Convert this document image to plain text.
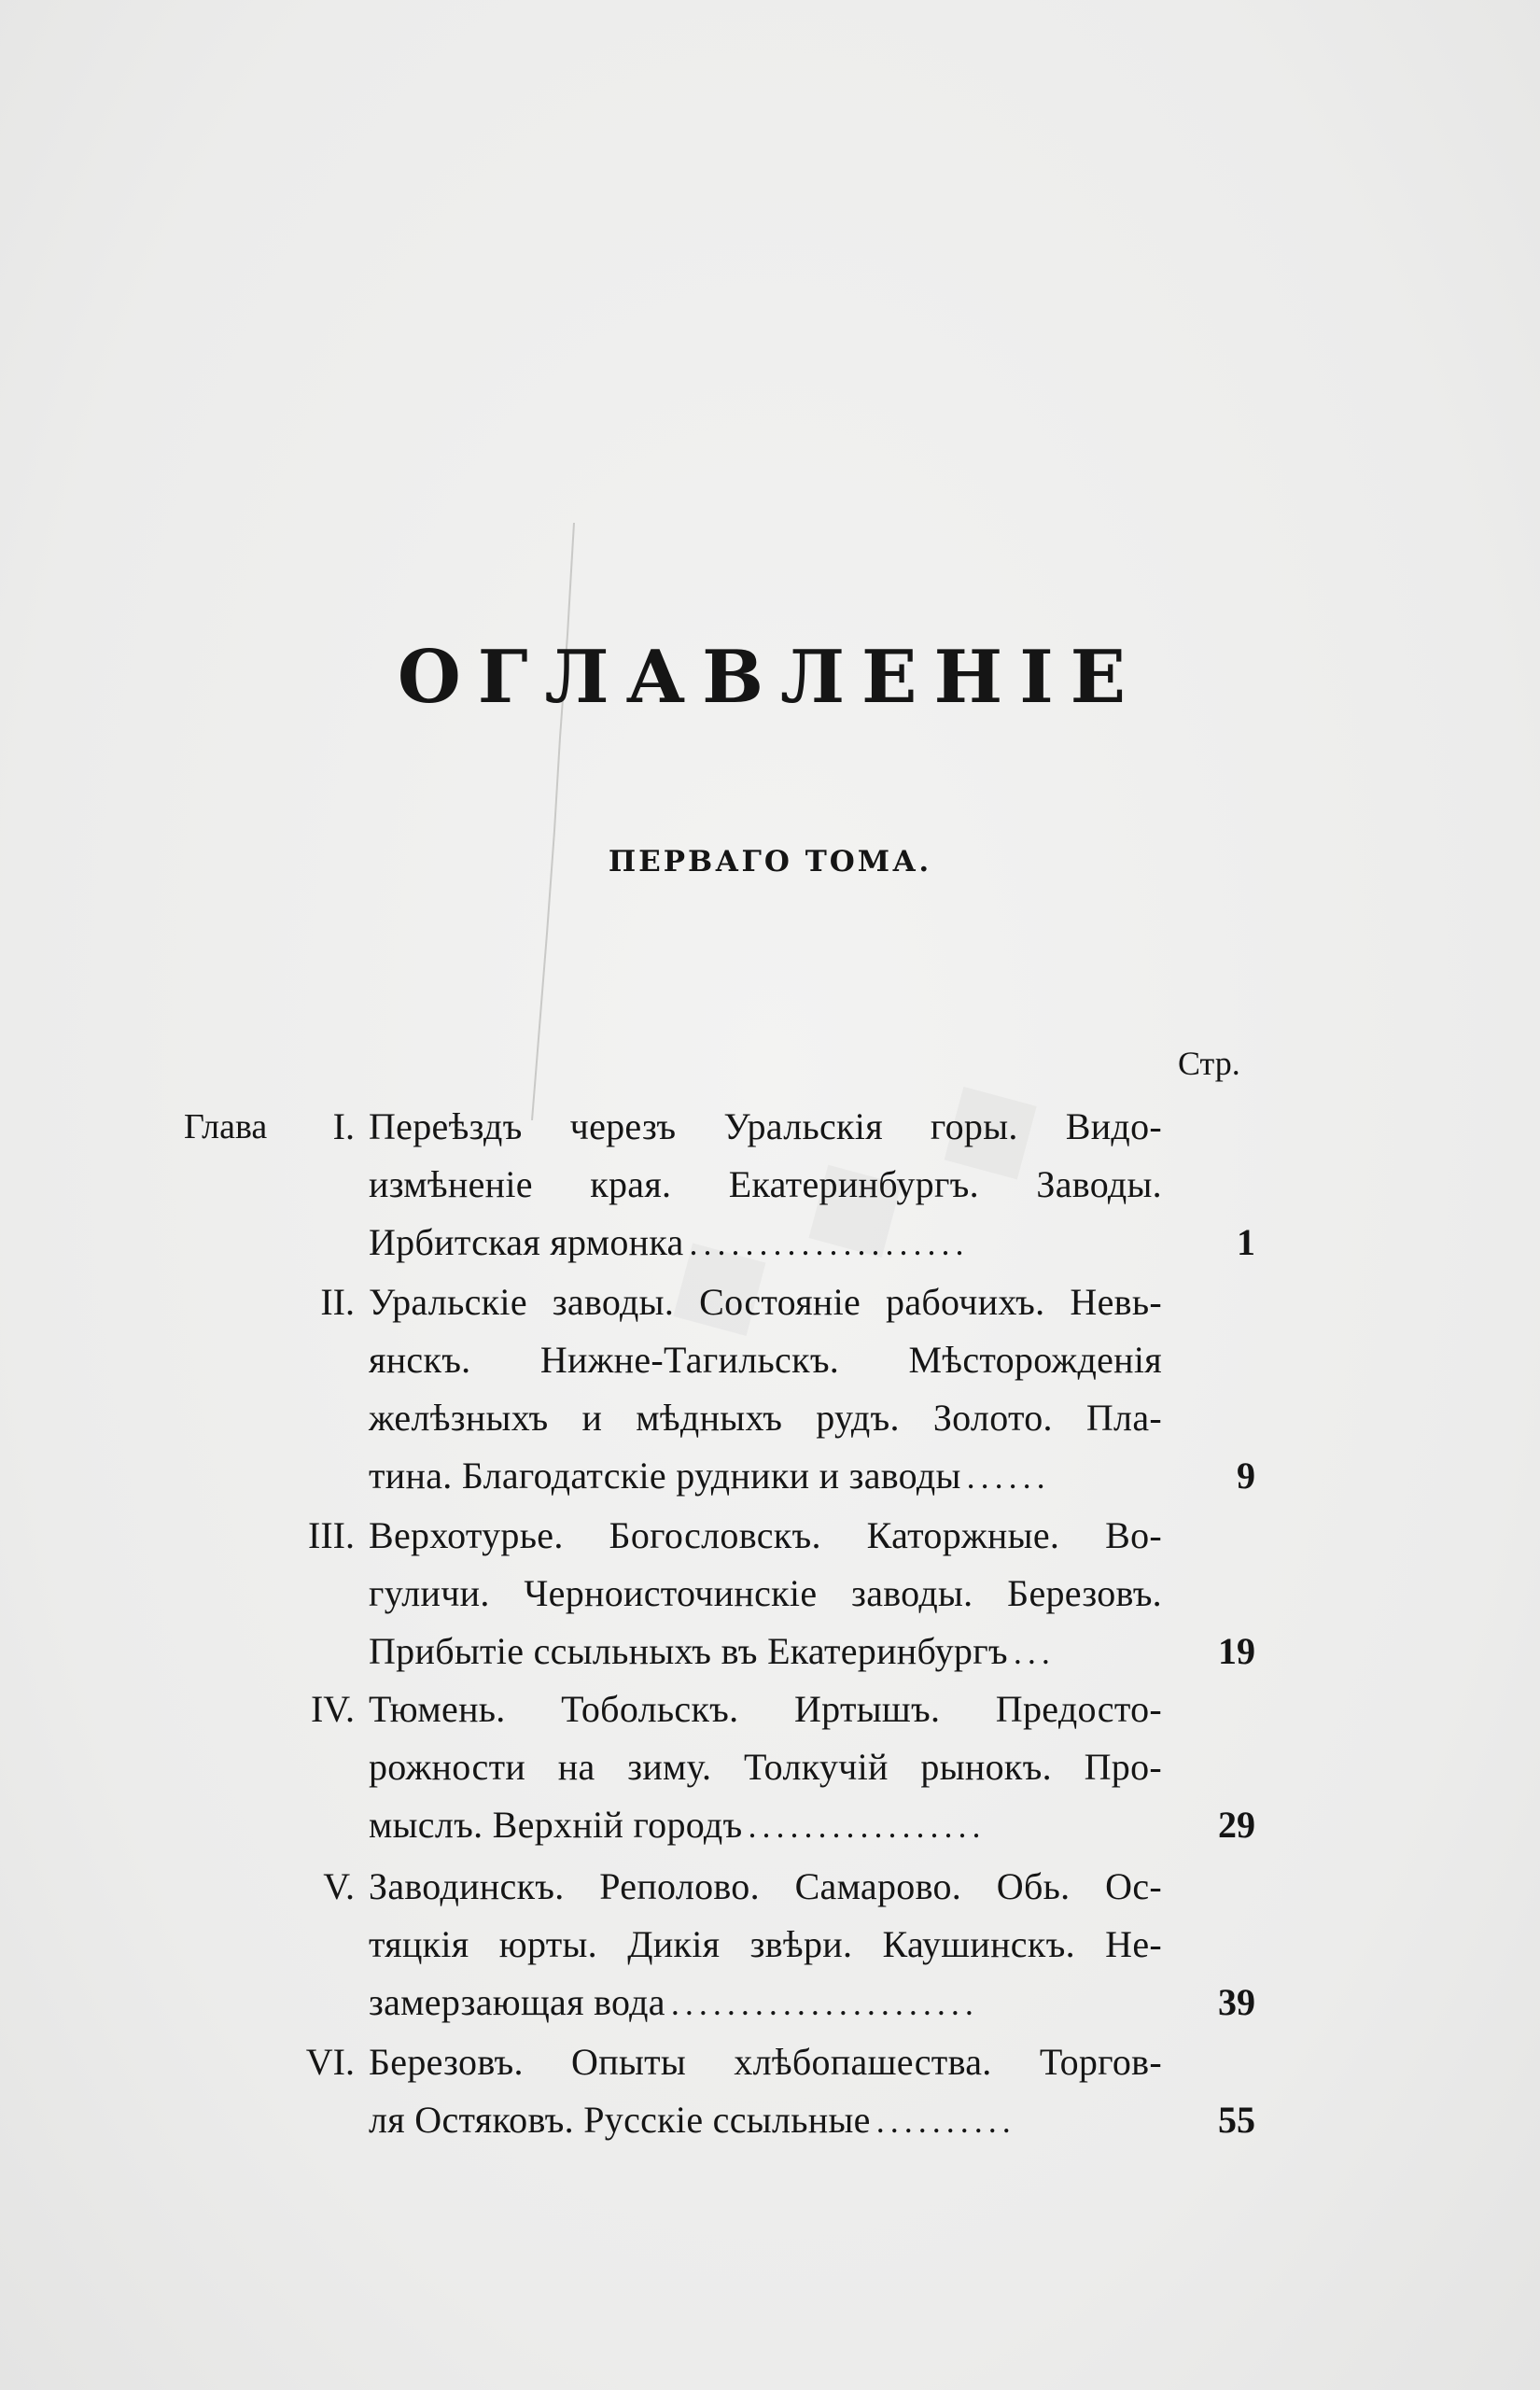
ОГЛАВЛЕНІЕ
ПЕРВАГО ТОМА.
Стр.
Глава	I. Переѣздъ черезъ Уральскія горы. Видо-
измѣненіе края. Екатеринбургъ. Заводы.
Ирбитская ярмонка ....................	1
II. Уральскіе заводы. Состояніе рабочихъ. Невь-
янскъ. Нижне-Тагильскъ. Мѣсторожденія
желѣзныхъ и мѣдныхъ рудъ. Золото. Пла-
тина. Благодатскіе рудники и заводы ......	9
III. Верхотурье. Богословскъ. Каторжные. Во-
гуличи. Черноисточинскіе заводы. Березовъ.
Прибытіе ссыльныхъ въ Екатеринбургъ ...	19
IV. Тюмень. Тобольскъ. Иртышъ. Предосто-
рожности на зиму. Толкучій рынокъ. Про-
мыслъ. Верхній городъ .................	29
V. Заводинскъ. Реполово. Самарово. Обь. Ос-
тяцкія юрты. Дикія звѣри. Каушинскъ. Не-
замерзающая вода ......................	39
VI. Березовъ. Опыты хлѣбопашества. Торгов-
ля Остяковъ. Русскіе ссыльные ..........	55
